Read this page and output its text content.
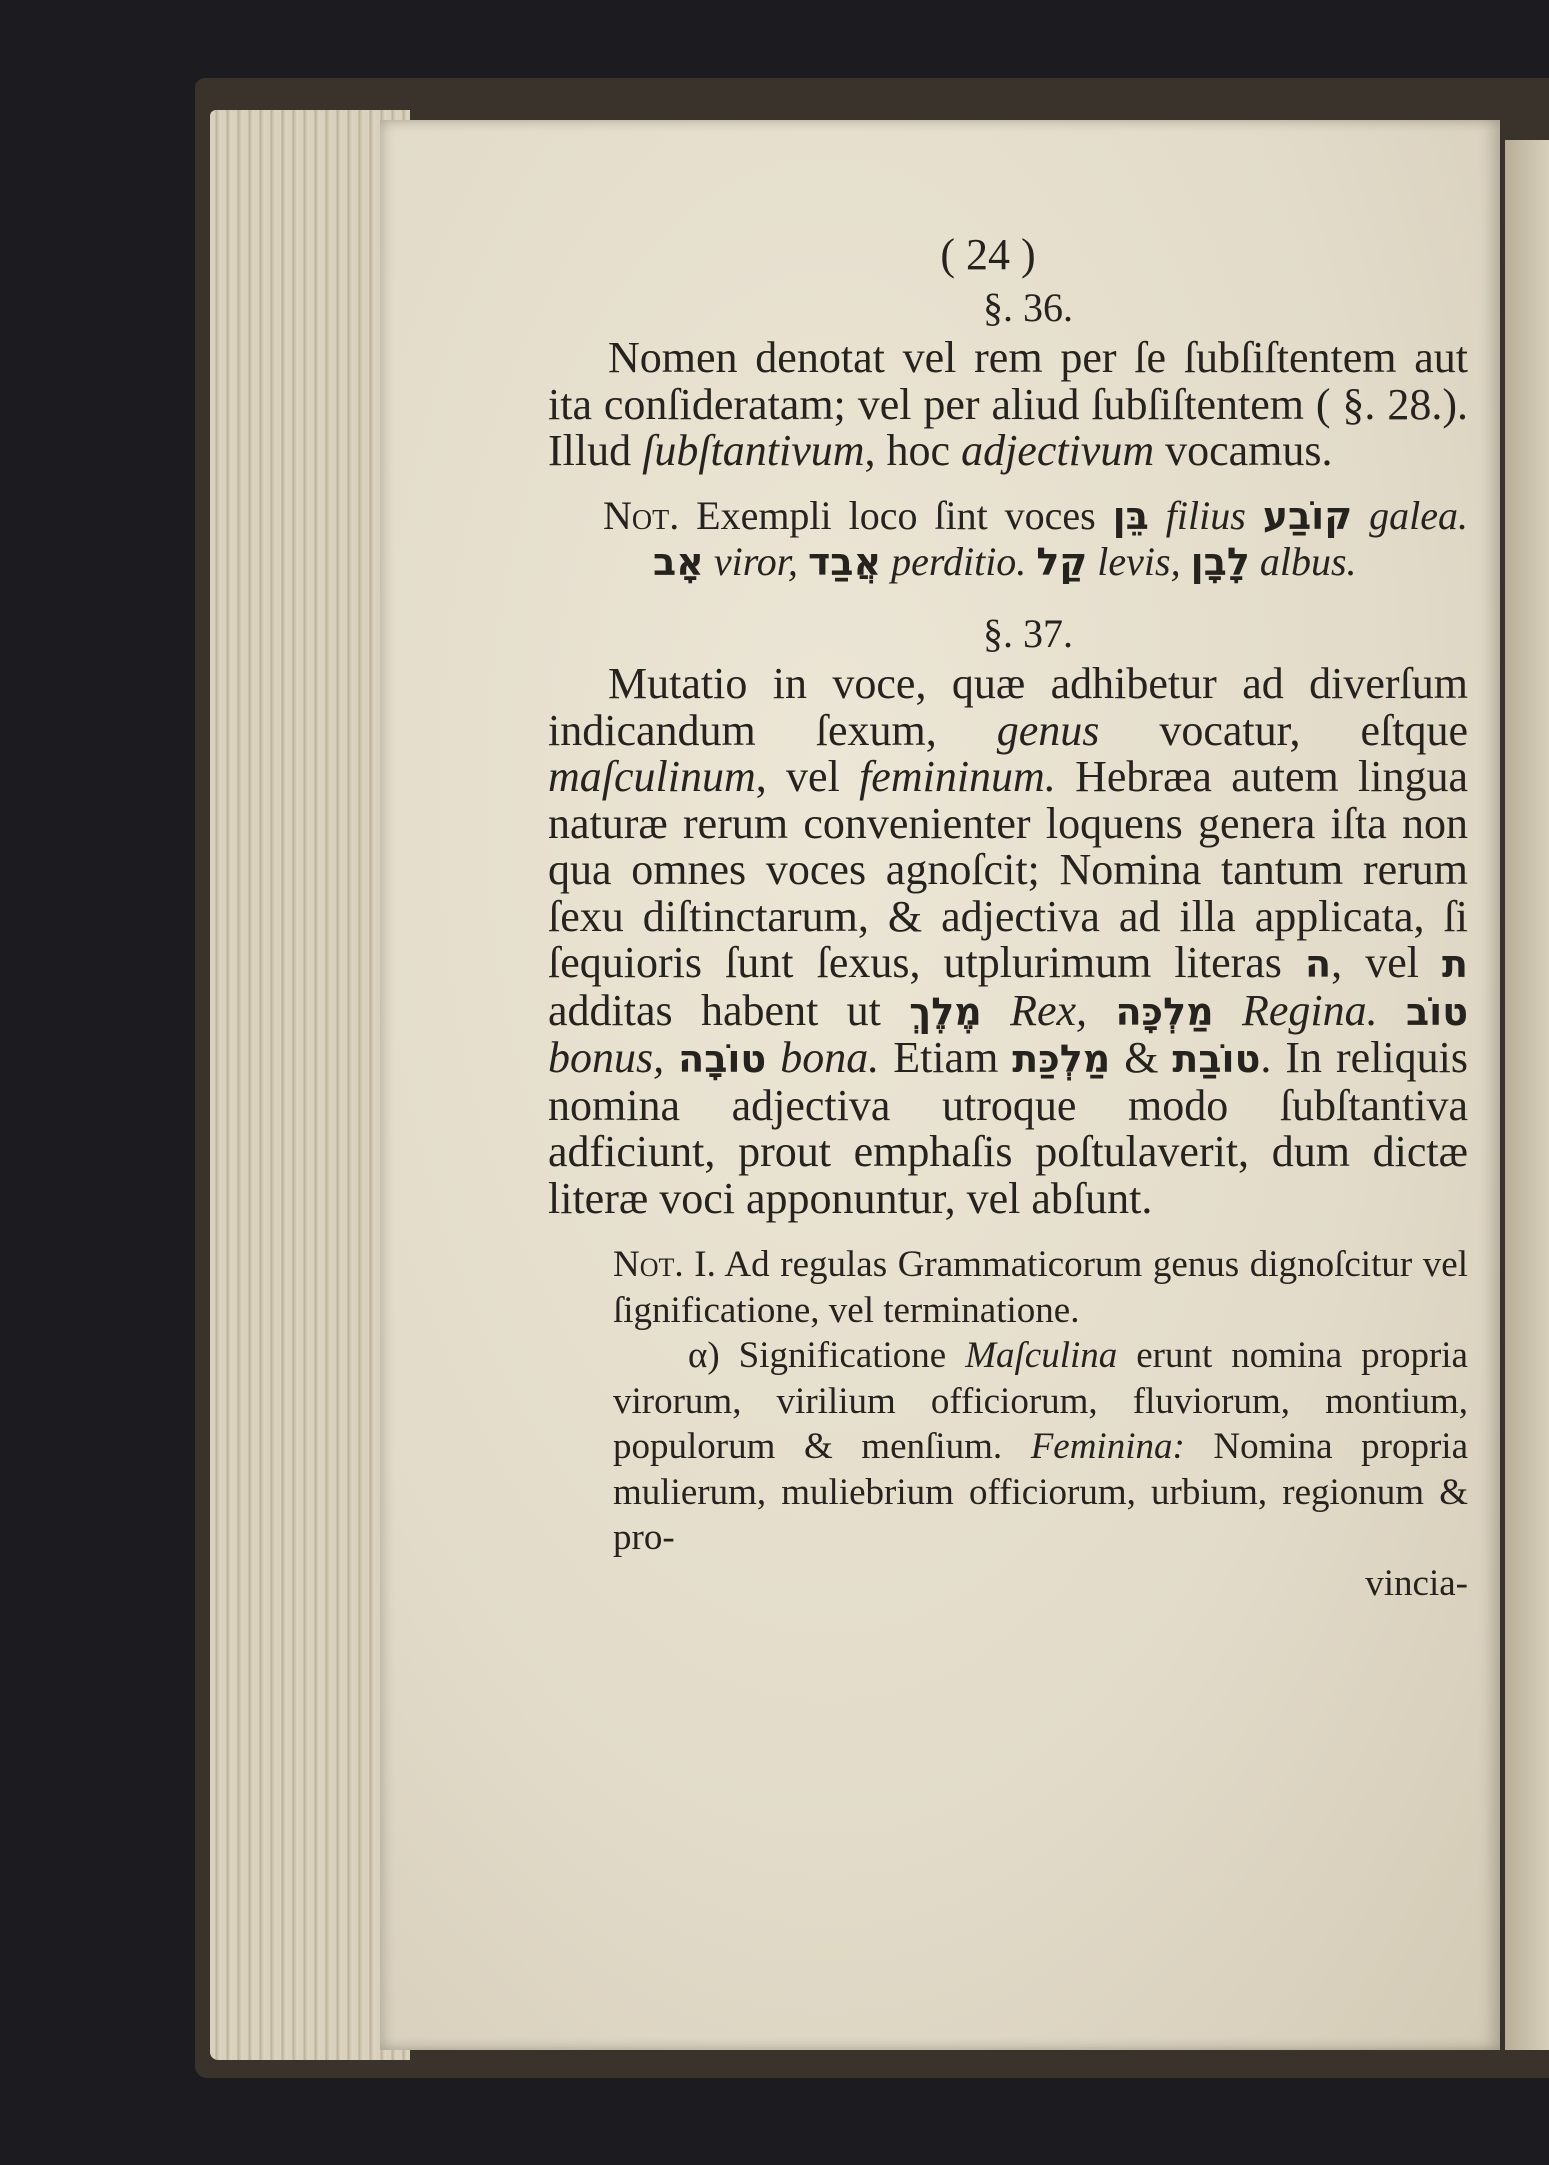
( 24 )
§. 36.

Nomen denotat vel rem per ſe ſubſiſtentem aut ita conſideratam; vel per aliud ſubſiſtentem ( §. 28.). Illud ſubſtantivum, hoc adjectivum vocamus.

Not. Exempli loco ſint voces בֵּן filius קוֹבַע galea. אָב viror, אֲבַד perditio. קַל levis, לָבָן albus.
§. 37.

Mutatio in voce, quæ adhibetur ad diverſum indicandum ſexum, genus vocatur, eſtque maſculinum, vel femininum. Hebræa autem lingua naturæ rerum convenienter loquens genera iſta non qua omnes voces agnoſcit; Nomina tantum rerum ſexu diſtinctarum, & adjectiva ad illa applicata, ſi ſequioris ſunt ſexus, utplurimum literas ה, vel ת additas habent ut מֶלֶךְ Rex, מַלְכָּה Regina. טוֹב bonus, טוֹבָה bona. Etiam מַלְכַּת & טוֹבַת. In reliquis nomina adjectiva utroque modo ſubſtantiva adficiunt, prout emphaſis poſtulaverit, dum dictæ literæ voci apponuntur, vel abſunt.

Not. I. Ad regulas Grammaticorum genus dignoſcitur vel ſignificatione, vel terminatione.

α) Significatione Maſculina erunt nomina propria virorum, virilium officiorum, fluviorum, montium, populorum & menſium. Feminina: Nomina propria mulierum, muliebrium officiorum, urbium, regionum & pro-

vincia-
